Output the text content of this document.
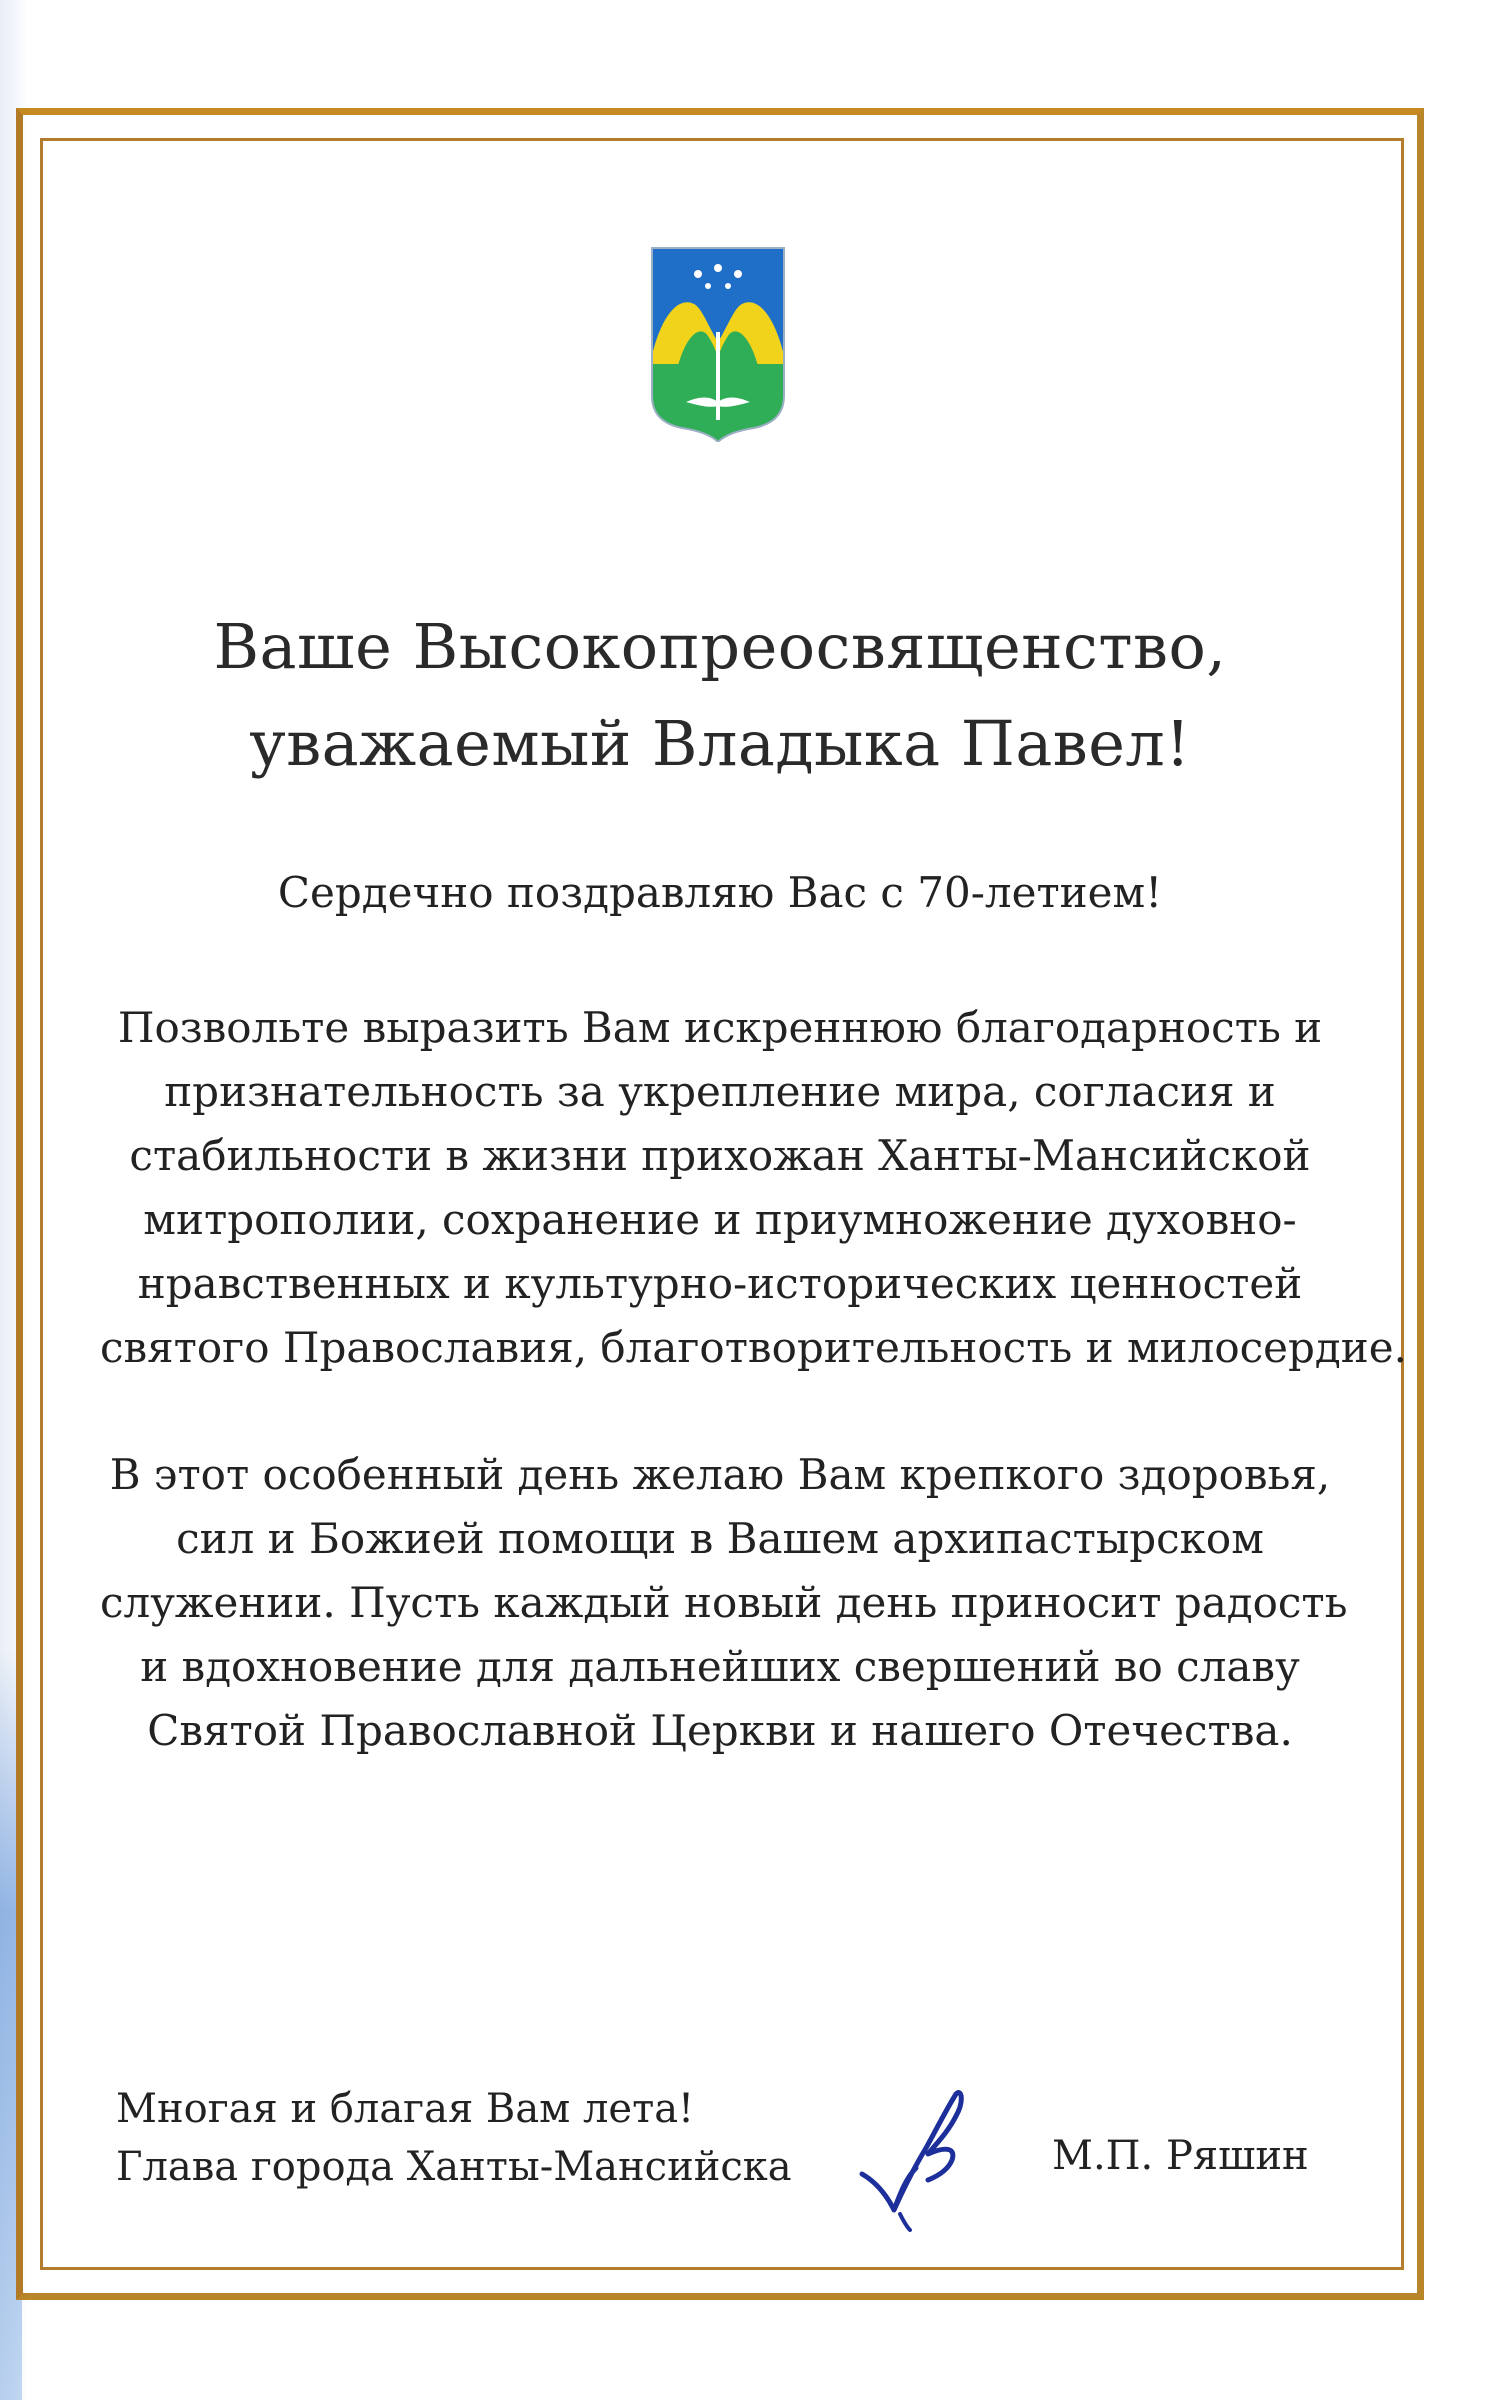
Ваше Высокопреосвященство,
уважаемый Владыка Павел!
Сердечно поздравляю Вас с 70-летием!
Позвольте выразить Вам искреннюю благодарность и
признательность за укрепление мира, согласия и
стабильности в жизни прихожан Ханты-Мансийской
митрополии, сохранение и приумножение духовно-
нравственных и культурно-исторических ценностей
святого Православия, благотворительность и милосердие.
В этот особенный день желаю Вам крепкого здоровья,
сил и Божией помощи в Вашем архипастырском
служении. Пусть каждый новый день приносит радость
и вдохновение для дальнейших свершений во славу
Святой Православной Церкви и нашего Отечества.
Многая и благая Вам лета!
Глава города Ханты-Мансийска	М.П. Ряшин
